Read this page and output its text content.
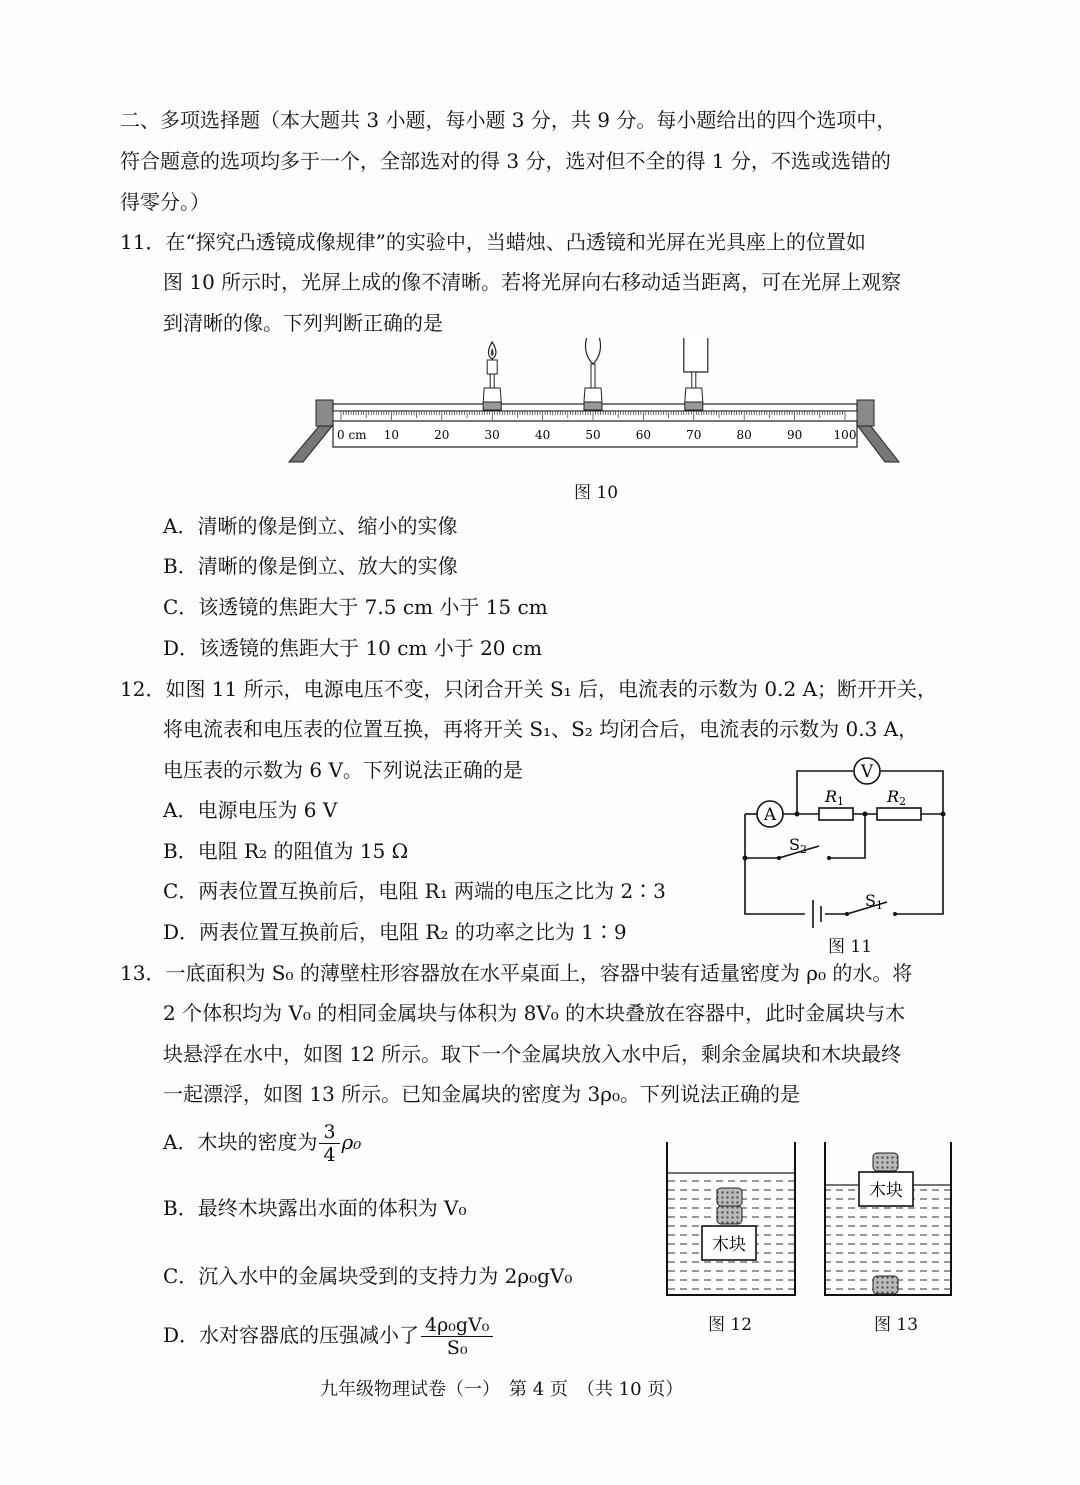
二、多项选择题（本大题共 3 小题，每小题 3 分，共 9 分。每小题给出的四个选项中，
符合题意的选项均多于一个，全部选对的得 3 分，选对但不全的得 1 分，不选或选错的
得零分。）
11．在“探究凸透镜成像规律”的实验中，当蜡烛、凸透镜和光屏在光具座上的位置如
图 10 所示时，光屏上成的像不清晰。若将光屏向右移动适当距离，可在光屏上观察
到清晰的像。下列判断正确的是
0 cm 10	20	30	40	50	60	70	80	90	100
图 10
A．清晰的像是倒立、缩小的实像
B．清晰的像是倒立、放大的实像
C．该透镜的焦距大于 7.5 cm 小于 15 cm
D．该透镜的焦距大于 10 cm 小于 20 cm
12．如图 11 所示，电源电压不变，只闭合开关 S₁ 后，电流表的示数为 0.2 A；断开开关，
将电流表和电压表的位置互换，再将开关 S₁、S₂ 均闭合后，电流表的示数为 0.3 A，
电压表的示数为 6 V。下列说法正确的是
A．电源电压为 6 V
B．电阻 R₂ 的阻值为 15 Ω
C．两表位置互换前后，电阻 R₁ 两端的电压之比为 2∶3
D．两表位置互换前后，电阻 R₂ 的功率之比为 1∶9
V
A
R1	R2
S2
S1
图 11
13．一底面积为 S₀ 的薄壁柱形容器放在水平桌面上，容器中装有适量密度为 ρ₀ 的水。将
2 个体积均为 V₀ 的相同金属块与体积为 8V₀ 的木块叠放在容器中，此时金属块与木
块悬浮在水中，如图 12 所示。取下一个金属块放入水中后，剩余金属块和木块最终
一起漂浮，如图 13 所示。已知金属块的密度为 3ρ₀。下列说法正确的是
A．木块的密度为 $\frac{3}{4} \rho_0$
B．最终木块露出水面的体积为 V₀
C．沉入水中的金属块受到的支持力为 2ρ₀gV₀
D．水对容器底的压强减小了 $\frac{\text{4ρ₀gV₀}}{\text{S₀}}$
木块
木块
图 12	图 13
九年级物理试卷（一）　第 4 页　（共 10 页）
